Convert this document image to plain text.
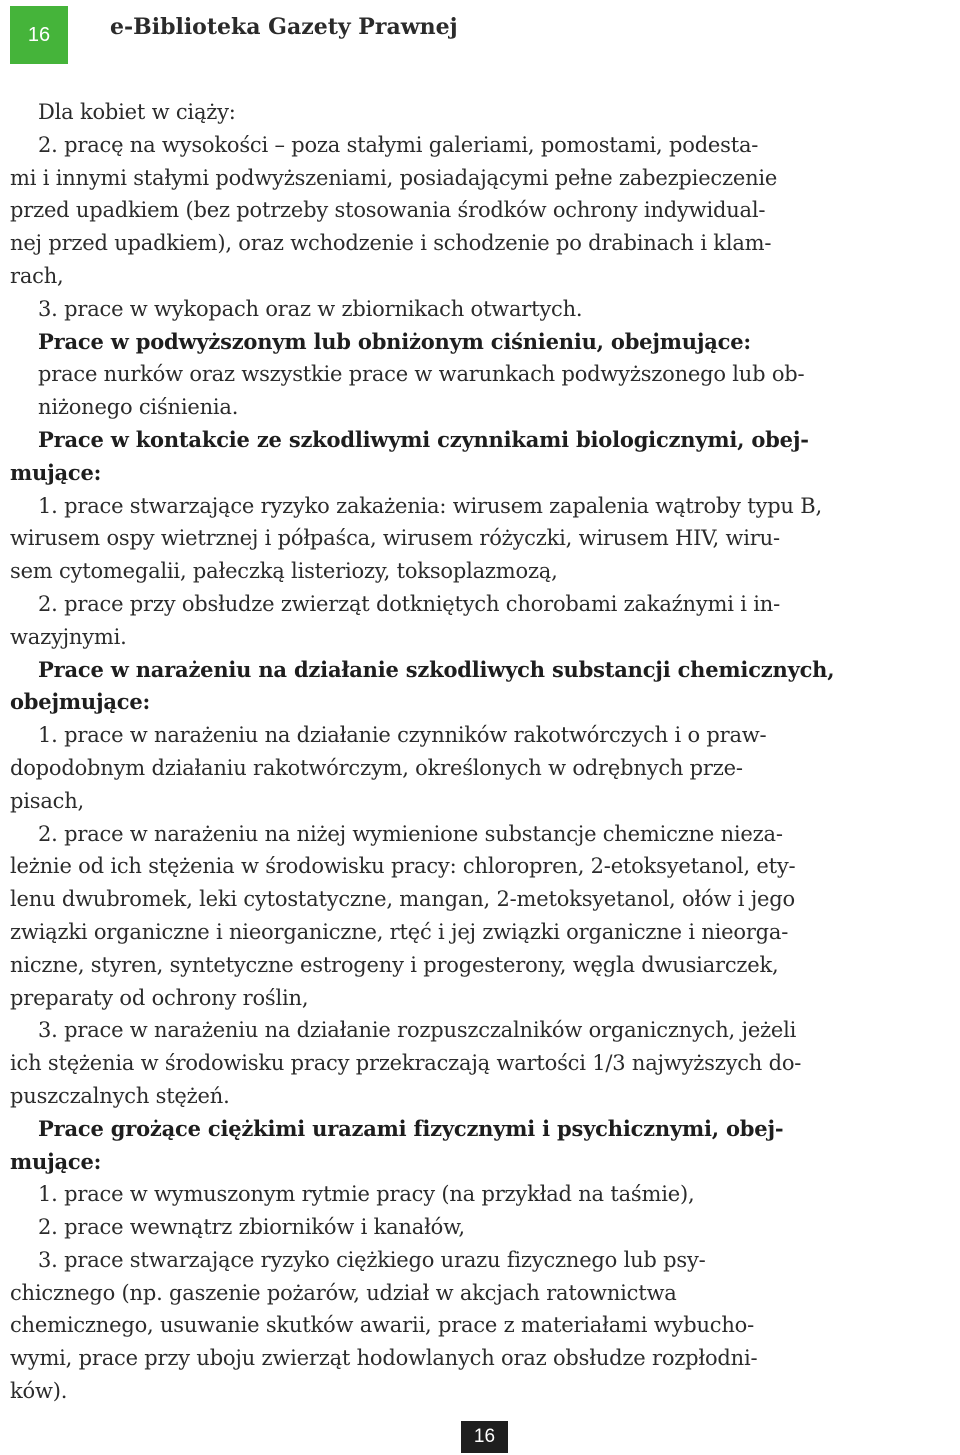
16	e-Biblioteka Gazety Prawnej
Dla kobiet w ciąży:
2. pracę na wysokości – poza stałymi galeriami, pomostami, podesta-
mi i innymi stałymi podwyższeniami, posiadającymi pełne zabezpieczenie
przed upadkiem (bez potrzeby stosowania środków ochrony indywidual-
nej przed upadkiem), oraz wchodzenie i schodzenie po drabinach i klam-
rach,
3. prace w wykopach oraz w zbiornikach otwartych.
Prace w podwyższonym lub obniżonym ciśnieniu, obejmujące:
prace nurków oraz wszystkie prace w warunkach podwyższonego lub ob-
niżonego ciśnienia.
Prace w kontakcie ze szkodliwymi czynnikami biologicznymi, obej-
mujące:
1. prace stwarzające ryzyko zakażenia: wirusem zapalenia wątroby typu B,
wirusem ospy wietrznej i półpaśca, wirusem różyczki, wirusem HIV, wiru-
sem cytomegalii, pałeczką listeriozy, toksoplazmozą,
2. prace przy obsłudze zwierząt dotkniętych chorobami zakaźnymi i in-
wazyjnymi.
Prace w narażeniu na działanie szkodliwych substancji chemicznych,
obejmujące:
1. prace w narażeniu na działanie czynników rakotwórczych i o praw-
dopodobnym działaniu rakotwórczym, określonych w odrębnych prze-
pisach,
2. prace w narażeniu na niżej wymienione substancje chemiczne nieza-
leżnie od ich stężenia w środowisku pracy: chloropren, 2-etoksyetanol, ety-
lenu dwubromek, leki cytostatyczne, mangan, 2-metoksyetanol, ołów i jego
związki organiczne i nieorganiczne, rtęć i jej związki organiczne i nieorga-
niczne, styren, syntetyczne estrogeny i progesterony, węgla dwusiarczek,
preparaty od ochrony roślin,
3. prace w narażeniu na działanie rozpuszczalników organicznych, jeżeli
ich stężenia w środowisku pracy przekraczają wartości 1/3 najwyższych do-
puszczalnych stężeń.
Prace grożące ciężkimi urazami fizycznymi i psychicznymi, obej-
mujące:
1. prace w wymuszonym rytmie pracy (na przykład na taśmie),
2. prace wewnątrz zbiorników i kanałów,
3. prace stwarzające ryzyko ciężkiego urazu fizycznego lub psy-
chicznego (np. gaszenie pożarów, udział w akcjach ratownictwa
chemicznego, usuwanie skutków awarii, prace z materiałami wybucho-
wymi, prace przy uboju zwierząt hodowlanych oraz obsłudze rozpłodni-
ków).
16
